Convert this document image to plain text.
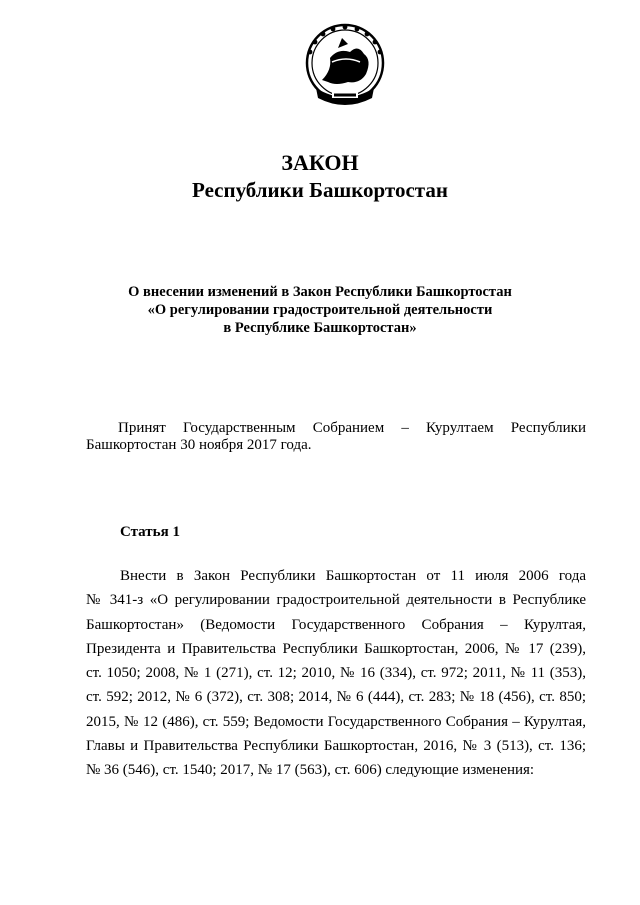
ЗАКОН
Республики Башкортостан
О внесении изменений в Закон Республики Башкортостан
«О регулировании градостроительной деятельности
в Республике Башкортостан»
Принят Государственным Собранием – Курултаем Республики
Башкортостан 30 ноября 2017 года.
Статья 1
Внести в Закон Республики Башкортостан от 11 июля 2006 года
№ 341-з «О регулировании градостроительной деятельности в Республике
Башкортостан» (Ведомости Государственного Собрания – Курултая,
Президента и Правительства Республики Башкортостан, 2006, № 17 (239),
ст. 1050; 2008, № 1 (271), ст. 12; 2010, № 16 (334), ст. 972; 2011, № 11 (353),
ст. 592; 2012, № 6 (372), ст. 308; 2014, № 6 (444), ст. 283; № 18 (456), ст. 850;
2015, № 12 (486), ст. 559; Ведомости Государственного Собрания – Курултая,
Главы и Правительства Республики Башкортостан, 2016, № 3 (513), ст. 136;
№ 36 (546), ст. 1540; 2017, № 17 (563), ст. 606) следующие изменения:
